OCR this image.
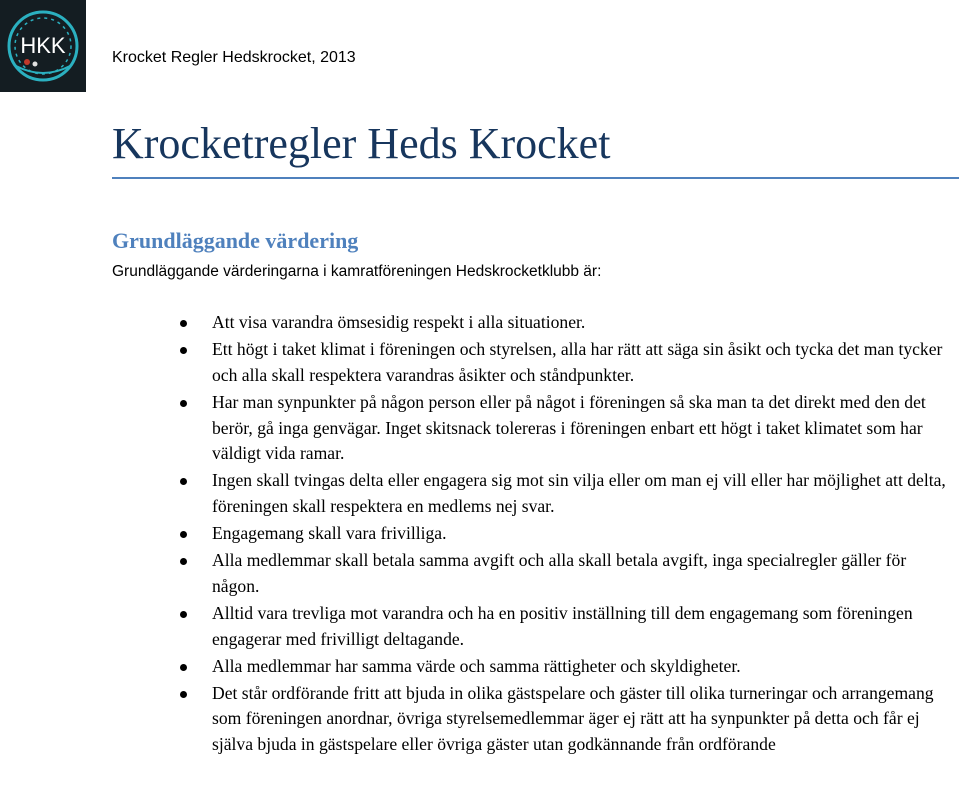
HKK	Krocket Regler Hedskrocket, 2013
Krocketregler Heds Krocket
Grundläggande värdering

Grundläggande värderingarna i kamratföreningen Hedskrocketklubb är:

Att visa varandra ömsesidig respekt i alla situationer.
Ett högt i taket klimat i föreningen och styrelsen, alla har rätt att säga sin åsikt och tycka det man tycker och alla skall respektera varandras åsikter och ståndpunkter.
Har man synpunkter på någon person eller på något i föreningen så ska man ta det direkt med den det berör, gå inga genvägar. Inget skitsnack tolereras i föreningen enbart ett högt i taket klimatet som har väldigt vida ramar.
Ingen skall tvingas delta eller engagera sig mot sin vilja eller om man ej vill eller har möjlighet att delta, föreningen skall respektera en medlems nej svar.
Engagemang skall vara frivilliga.
Alla medlemmar skall betala samma avgift och alla skall betala avgift, inga specialregler gäller för någon.
Alltid vara trevliga mot varandra och ha en positiv inställning till dem engagemang som föreningen engagerar med frivilligt deltagande.
Alla medlemmar har samma värde och samma rättigheter och skyldigheter.
Det står ordförande fritt att bjuda in olika gästspelare och gäster till olika turneringar och arrangemang som föreningen anordnar, övriga styrelsemedlemmar äger ej rätt att ha synpunkter på detta och får ej själva bjuda in gästspelare eller övriga gäster utan godkännande från ordförande
